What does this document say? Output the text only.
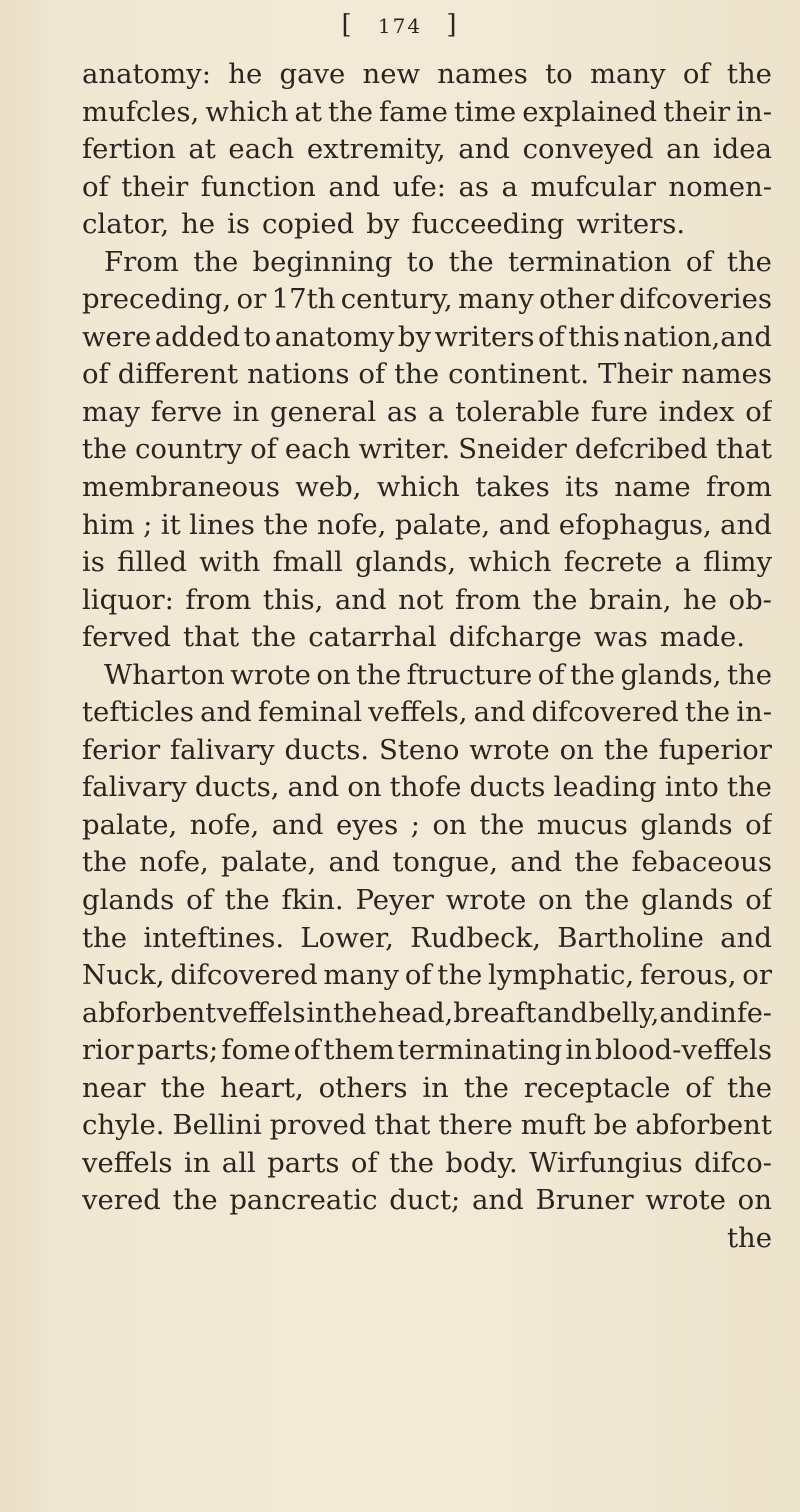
[ 174 ]
anatomy: he gave new names to many of the
mufcles, which at the fame time explained their in-
fertion at each extremity, and conveyed an idea
of their function and ufe: as a mufcular nomen-
clator, he is copied by fucceeding writers.
From the beginning to the termination of the
preceding, or 17th century, many other difcoveries
were added to anatomy by writers of this nation,and
of different nations of the continent. Their names
may ferve in general as a tolerable fure index of
the country of each writer. Sneider defcribed that
membraneous web, which takes its name from
him ; it lines the nofe, palate, and efophagus, and
is filled with fmall glands, which fecrete a flimy
liquor: from this, and not from the brain, he ob-
ferved that the catarrhal difcharge was made.
Wharton wrote on the ftructure of the glands, the
tefticles and feminal veffels, and difcovered the in-
ferior falivary ducts. Steno wrote on the fuperior
falivary ducts, and on thofe ducts leading into the
palate, nofe, and eyes ; on the mucus glands of
the nofe, palate, and tongue, and the febaceous
glands of the fkin. Peyer wrote on the glands of
the inteftines. Lower, Rudbeck, Bartholine and
Nuck, difcovered many of the lymphatic, ferous, or
abforbent veffels in the head,breaft and belly,and infe-
rior parts; fome of them terminating in blood-veffels
near the heart, others in the receptacle of the
chyle. Bellini proved that there muft be abforbent
veffels in all parts of the body. Wirfungius difco-
vered the pancreatic duct; and Bruner wrote on
the
